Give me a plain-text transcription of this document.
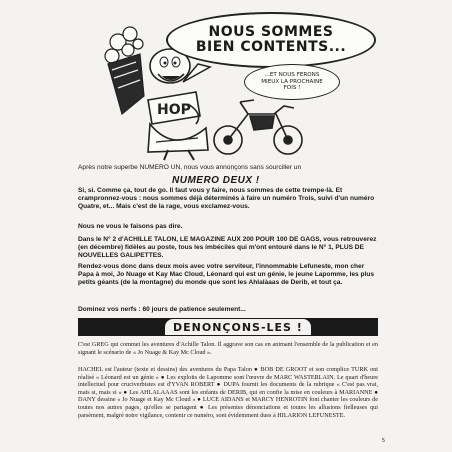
HOP
NOUS SOMMES
BIEN CONTENTS...
...ET NOUS FERONS
MIEUX LA PROCHAINE
FOIS !

Après notre superbe NUMERO UN, nous vous annonçons sans sourciller un

NUMERO DEUX !

Si, si. Comme ça, tout de go. Il faut vous y faire, nous sommes de cette trempe-là. Et crampronnez-vous : nous sommes déjà déterminés à faire un numéro Trois, suivi d'un numéro Quatre, et... Mais c'est de la rage, vous exclamez-vous.

Nous ne vous le faisons pas dire.

Dans le N° 2 d'ACHILLE TALON, LE MAGAZINE AUX 200 POUR 100 DE GAGS, vous retrouverez (en décembre) fidèles au poste, tous les imbéciles qui m'ont entouré dans le N° 1, PLUS DE NOUVELLES GALIPETTES.

Rendez-vous donc dans deux mois avec votre serviteur, l'innommable Lefuneste, mon cher Papa à moi, Jo Nuage et Kay Mac Cloud, Léonard qui est un génie, le jeune Lapomme, les plus petits géants (de la montagne) du monde que sont les Ahlalàaas de Derib, et tout ça.

Dominez vos nerfs : 60 jours de patience seulement...

DENONÇONS-LES !

C'est GREG qui commet les aventures d'Achille Talon. Il aggrave son cas en animant l'ensemble de la publication et en signant le scénario de « Jo Nuage & Kay Mc Cloud ».

HACHEL est l'auteur (texte et dessins) des aventures du Papa Talon ● BOB DE GROOT et son complice TURK ont réalisé « Léonard est un génie » ● Les exploits de Lapomme sont l'œuvre de MARC WASTERLAIN. Le quart d'heure intellectuel pour cruciverbistes est d'YVAN ROBERT ● DUPA fournit les documents de la rubrique « C'est pas vrai, mais si, mais si » ● Les AHLALAAAS sont les enfants de DERIB, qui en confie la mise en couleurs à MARIANNE ● DANY dessine « Jo Nuage et Kay Mc Cloud » ● LUCE AIDANS et MARCY HENROTIN font chanter les couleurs de toutes nos autres pages, qu'elles se partagent ● Les présentes dénonciations et toutes les allusions fielleuses qui parsèment, malgré notre vigilance, contenir ce numéro, sont évidemment dues à HILARION LEFUNESTE.

5
